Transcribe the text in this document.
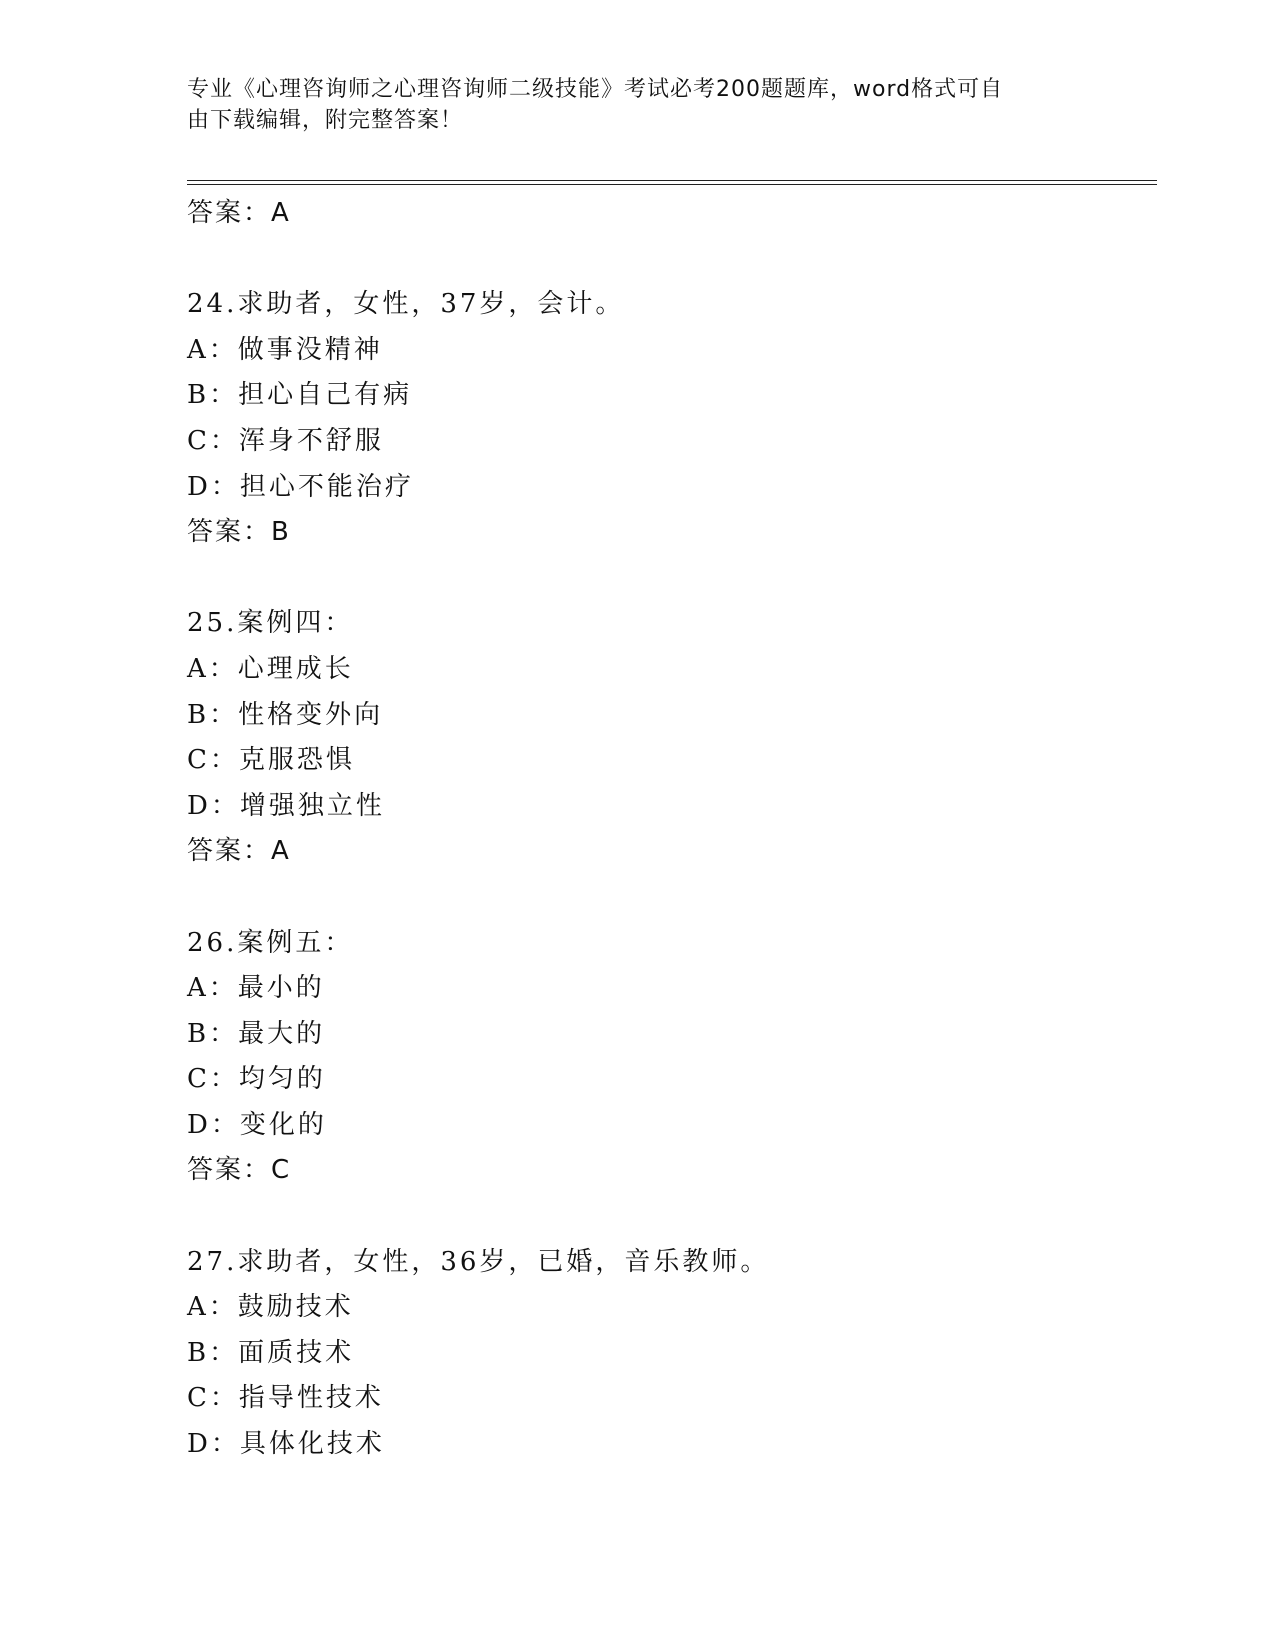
专业《心理咨询师之心理咨询师二级技能》考试必考200题题库，word格式可自
由下载编辑，附完整答案！
答案：A
24.求助者，女性，37岁，会计。
A：做事没精神
B：担心自己有病
C：浑身不舒服
D：担心不能治疗
答案：B
25.案例四：
A：心理成长
B：性格变外向
C：克服恐惧
D：增强独立性
答案：A
26.案例五：
A：最小的
B：最大的
C：均匀的
D：变化的
答案：C
27.求助者，女性，36岁，已婚，音乐教师。
A：鼓励技术
B：面质技术
C：指导性技术
D：具体化技术
